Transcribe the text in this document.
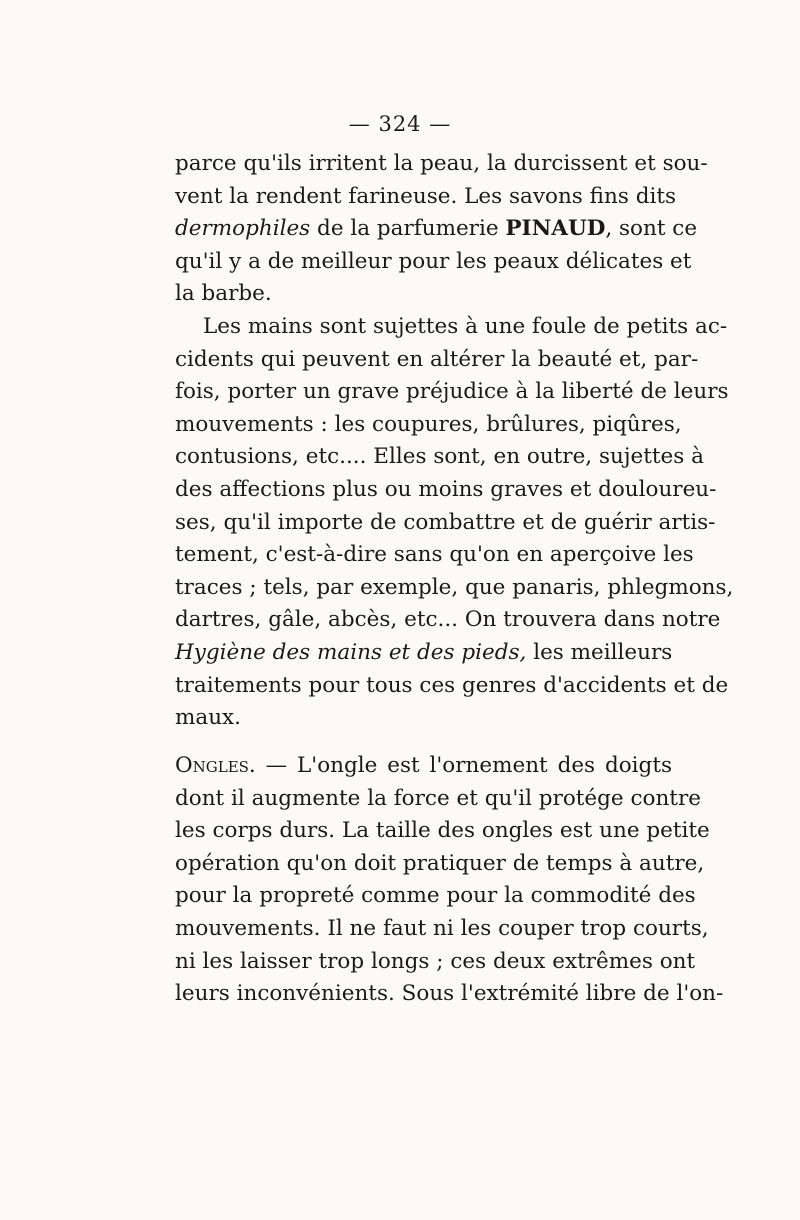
— 324 —
parce qu'ils irritent la peau, la durcissent et sou-
vent la rendent farineuse. Les savons fins dits
dermophiles de la parfumerie PINAUD, sont ce
qu'il y a de meilleur pour les peaux délicates et
la barbe.
Les mains sont sujettes à une foule de petits ac-
cidents qui peuvent en altérer la beauté et, par-
fois, porter un grave préjudice à la liberté de leurs
mouvements : les coupures, brûlures, piqûres,
contusions, etc.... Elles sont, en outre, sujettes à
des affections plus ou moins graves et douloureu-
ses, qu'il importe de combattre et de guérir artis-
tement, c'est-à-dire sans qu'on en aperçoive les
traces ; tels, par exemple, que panaris, phlegmons,
dartres, gâle, abcès, etc... On trouvera dans notre
Hygiène des mains et des pieds, les meilleurs
traitements pour tous ces genres d'accidents et de
maux.
Ongles. — L'ongle est l'ornement des doigts
dont il augmente la force et qu'il protége contre
les corps durs. La taille des ongles est une petite
opération qu'on doit pratiquer de temps à autre,
pour la propreté comme pour la commodité des
mouvements. Il ne faut ni les couper trop courts,
ni les laisser trop longs ; ces deux extrêmes ont
leurs inconvénients. Sous l'extrémité libre de l'on-
